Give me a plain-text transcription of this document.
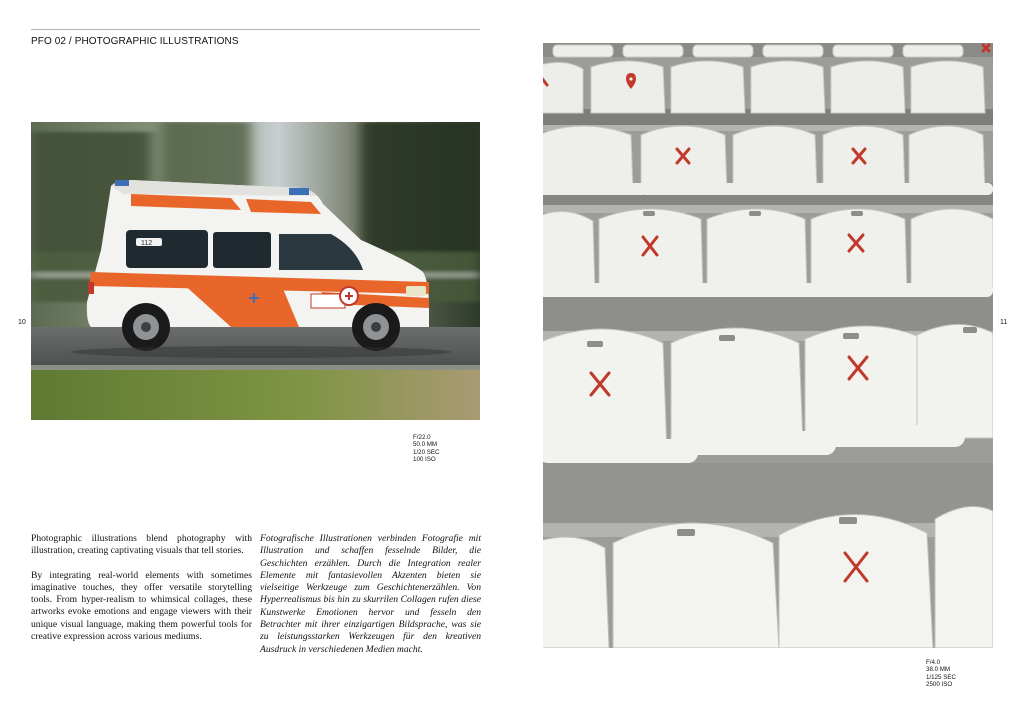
PFO 02 / PHOTOGRAPHIC ILLUSTRATIONS
10	11
112
F/22.0
50.0 MM
1/20 SEC
100 ISO
F/4.0
38.0 MM
1/125 SEC
2500 ISO

Photographic illustrations blend photography with illustration, creating captivating visuals that tell stories.

By integrating real-world elements with sometimes imaginative touches, they offer versatile storytelling tools. From hyper-realism to whimsical collages, these artworks evoke emotions and engage viewers with their unique visual language, making them powerful tools for creative expression across various mediums.

Fotografische Illustrationen verbinden Fotografie mit Illustration und schaffen fesselnde Bilder, die Geschichten erzählen. Durch die Integration realer Elemente mit fantasievollen Akzenten bieten sie vielseitige Werkzeuge zum Geschichtenerzählen. Von Hyperrealismus bis hin zu skurrilen Collagen rufen diese Kunstwerke Emotionen hervor und fesseln den Betrachter mit ihrer einzigartigen Bildsprache, was sie zu leistungsstarken Werkzeugen für den kreativen Ausdruck in verschiedenen Medien macht.
